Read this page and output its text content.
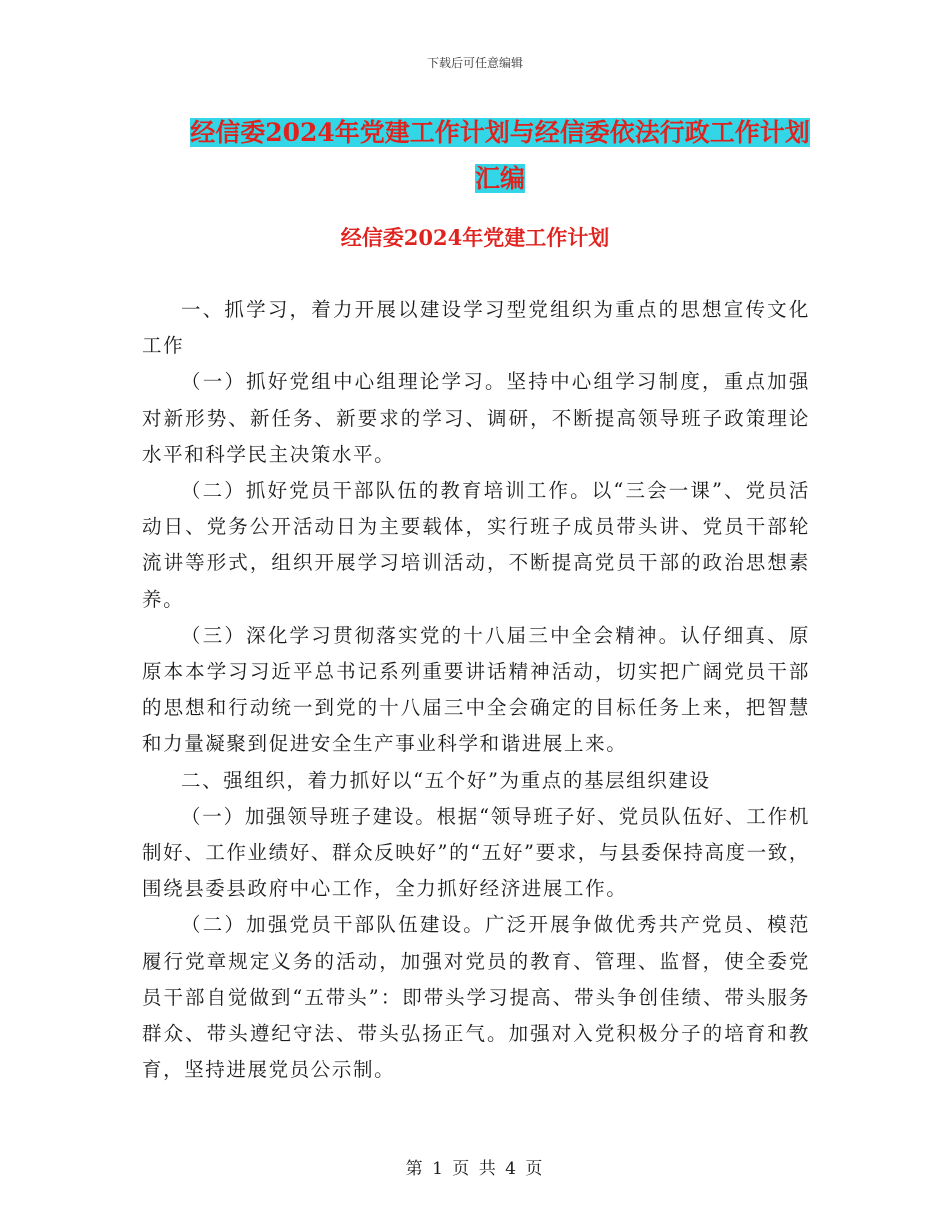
下载后可任意编辑
经信委2024年党建工作计划与经信委依法行政工作计划汇编
经信委2024年党建工作计划

一、抓学习，着力开展以建设学习型党组织为重点的思想宣传文化工作

（一）抓好党组中心组理论学习。坚持中心组学习制度，重点加强对新形势、新任务、新要求的学习、调研，不断提高领导班子政策理论水平和科学民主决策水平。

（二）抓好党员干部队伍的教育培训工作。以“三会一课”、党员活动日、党务公开活动日为主要载体，实行班子成员带头讲、党员干部轮流讲等形式，组织开展学习培训活动，不断提高党员干部的政治思想素养。

（三）深化学习贯彻落实党的十八届三中全会精神。认仔细真、原原本本学习习近平总书记系列重要讲话精神活动，切实把广阔党员干部的思想和行动统一到党的十八届三中全会确定的目标任务上来，把智慧和力量凝聚到促进安全生产事业科学和谐进展上来。

二、强组织，着力抓好以“五个好”为重点的基层组织建设

（一）加强领导班子建设。根据“领导班子好、党员队伍好、工作机制好、工作业绩好、群众反映好”的“五好”要求，与县委保持高度一致，围绕县委县政府中心工作，全力抓好经济进展工作。

（二）加强党员干部队伍建设。广泛开展争做优秀共产党员、模范履行党章规定义务的活动，加强对党员的教育、管理、监督，使全委党员干部自觉做到“五带头”：即带头学习提高、带头争创佳绩、带头服务群众、带头遵纪守法、带头弘扬正气。加强对入党积极分子的培育和教育，坚持进展党员公示制。

第 1 页 共 4 页
